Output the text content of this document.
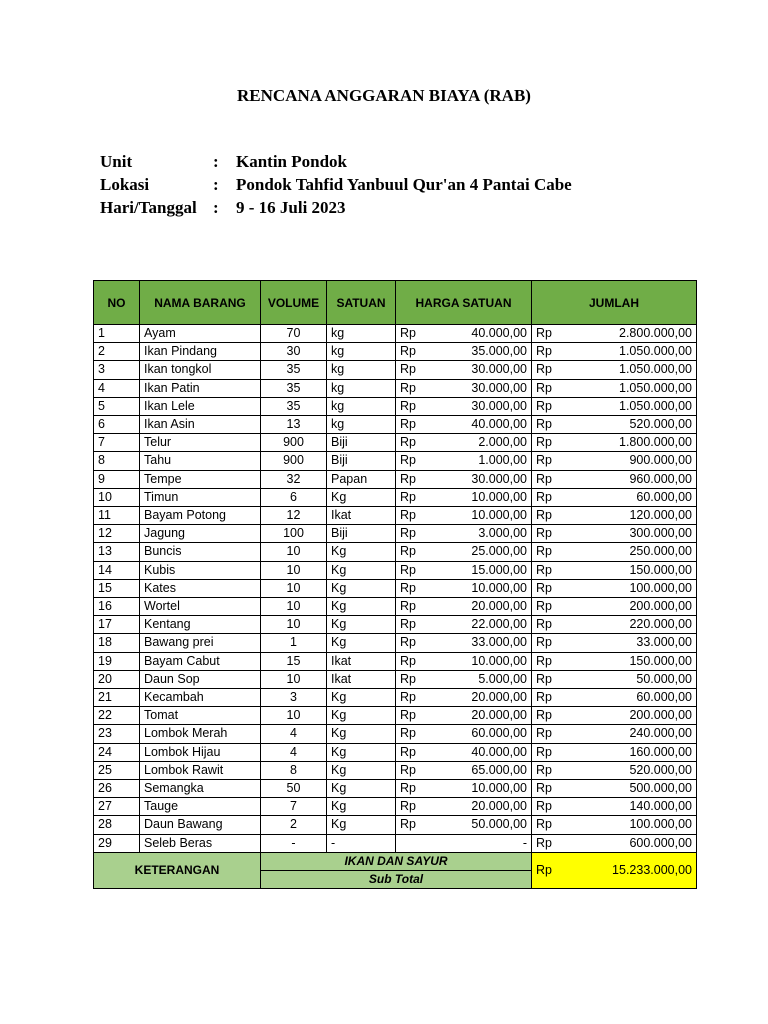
RENCANA ANGGARAN BIAYA (RAB)
Unit	: Kantin Pondok
Lokasi	: Pondok Tahfid Yanbuul Qur'an 4 Pantai Cabe
Hari/Tanggal : 9 - 16 Juli 2023
NO	NAMA BARANG	VOLUME	SATUAN	HARGA SATUAN		JUMLAH	
1	Ayam	70	kg	Rp	40.000,00	Rp	2.800.000,00
2	Ikan Pindang	30	kg	Rp	35.000,00	Rp	1.050.000,00
3	Ikan tongkol	35	kg	Rp	30.000,00	Rp	1.050.000,00
4	Ikan Patin	35	kg	Rp	30.000,00	Rp	1.050.000,00
5	Ikan Lele	35	kg	Rp	30.000,00	Rp	1.050.000,00
6	Ikan Asin	13	kg	Rp	40.000,00	Rp	520.000,00
7	Telur	900	Biji	Rp	2.000,00	Rp	1.800.000,00
8	Tahu	900	Biji	Rp	1.000,00	Rp	900.000,00
9	Tempe	32	Papan	Rp	30.000,00	Rp	960.000,00
10	Timun	6	Kg	Rp	10.000,00	Rp	60.000,00
11	Bayam Potong	12	Ikat	Rp	10.000,00	Rp	120.000,00
12	Jagung	100	Biji	Rp	3.000,00	Rp	300.000,00
13	Buncis	10	Kg	Rp	25.000,00	Rp	250.000,00
14	Kubis	10	Kg	Rp	15.000,00	Rp	150.000,00
15	Kates	10	Kg	Rp	10.000,00	Rp	100.000,00
16	Wortel	10	Kg	Rp	20.000,00	Rp	200.000,00
17	Kentang	10	Kg	Rp	22.000,00	Rp	220.000,00
18	Bawang prei	1	Kg	Rp	33.000,00	Rp	33.000,00
19	Bayam Cabut	15	Ikat	Rp	10.000,00	Rp	150.000,00
20	Daun Sop	10	Ikat	Rp	5.000,00	Rp	50.000,00
21	Kecambah	3	Kg	Rp	20.000,00	Rp	60.000,00
22	Tomat	10	Kg	Rp	20.000,00	Rp	200.000,00
23	Lombok Merah	4	Kg	Rp	60.000,00	Rp	240.000,00
24	Lombok Hijau	4	Kg	Rp	40.000,00	Rp	160.000,00
25	Lombok Rawit	8	Kg	Rp	65.000,00	Rp	520.000,00
26	Semangka	50	Kg	Rp	10.000,00	Rp	500.000,00
27	Tauge	7	Kg	Rp	20.000,00	Rp	140.000,00
28	Daun Bawang	2	Kg	Rp	50.000,00	Rp	100.000,00
29	Seleb Beras	-	-		-	Rp	600.000,00
KETERANGAN		IKAN DAN SAYUR				Rp	15.233.000,00
		Sub Total					
